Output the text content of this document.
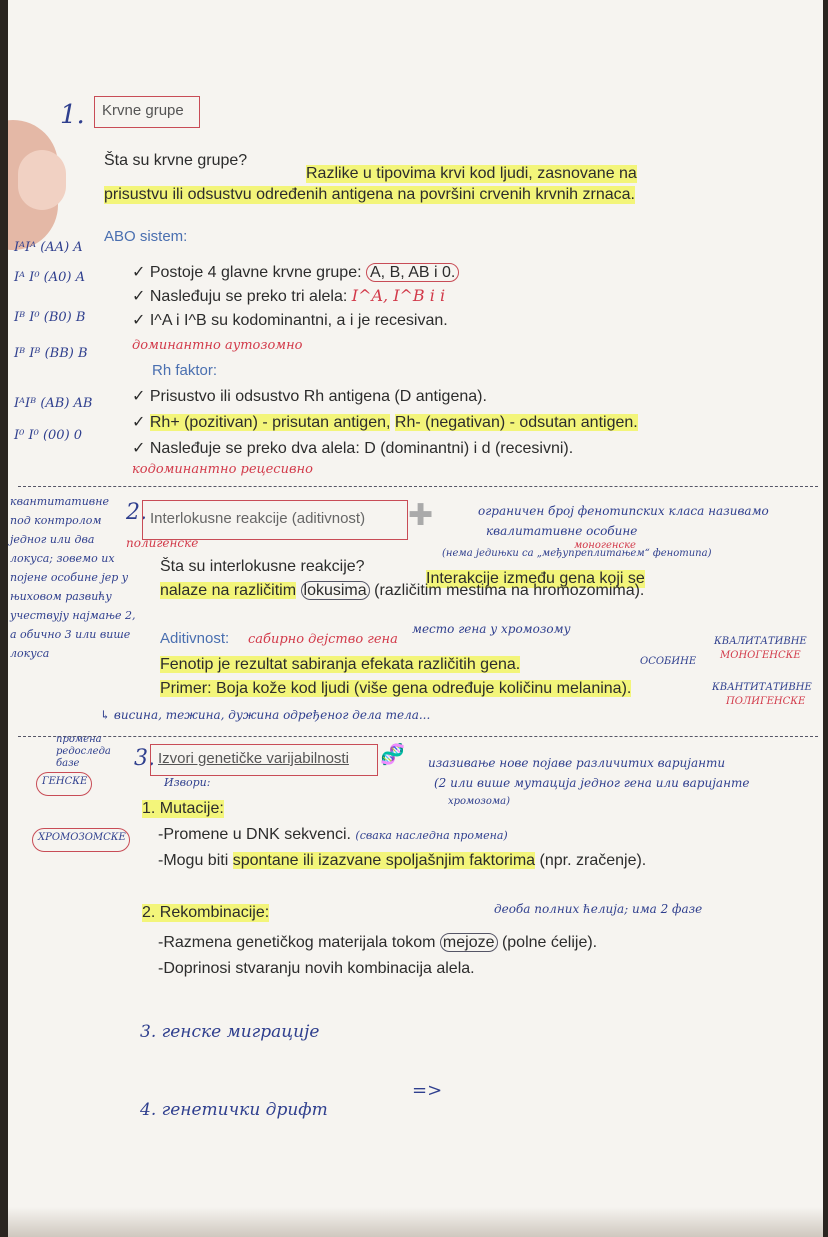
1. Krvne grupe
Šta su krvne grupe?
Razlike u tipovima krvi kod ljudi, zasnovane na
prisustvu ili odsustvu određenih antigena na površini crvenih krvnih zrnaca.
ABO sistem:
✓ Postoje 4 glavne krvne grupe: A, B, AB i 0.
✓ Nasleđuju se preko tri alela: I^A, I^B i i
✓ I^A i I^B su kodominantni, a i je recesivan.
доминантно аутозомно
Rh faktor:
✓ Prisustvo ili odsustvo Rh antigena (D antigena).
✓ Rh+ (pozitivan) - prisutan antigen, Rh- (negativan) - odsutan antigen.
✓ Nasleđuje se preko dva alela: D (dominantni) i d (recesivni).
кодоминантно рецесивно
IᴬIᴬ (AA) A
Iᴬ I⁰ (A0) A
Iᴮ I⁰ (B0) B
Iᴮ Iᴮ (BB) B
IᴬIᴮ (AB) AB
I⁰ I⁰ (00) 0
2. Interlokusne reakcije (aditivnost) ✚
квантитативне
под контролом
једног или два
локуса; зовемо их
појене особине јер у
њиховом развићу
учествују најмање 2,
а обично 3 или више
локуса
полигенске
ограничен број фенотипских класа називамо
квалитативне особине
(нема једињки са „међупреплитањем“ фенотипа)
моногенске
Šta su interlokusne reakcije?
Interakcije između gena koji se
nalaze na različitim lokusima (različitim mestima na hromozomima).
место гена у хромозому
Aditivnost: сабирно дејство гена
Fenotip je rezultat sabiranja efekata različitih gena.
Primer: Boja kože kod ljudi (više gena određuje količinu melanina).
↳ висина, тежина, дужина одређеног дела тела...
ОСОБИНЕ
КВАЛИТАТИВНЕ
МОНОГЕНСКЕ
КВАНТИТАТИВНЕ
ПОЛИГЕНСКЕ
3. Izvori genetičke varijabilnosti 🧬
Извори:
изазивање нове појаве различитих варијанти
(2 или више мутација једног гена или варијанте
хромозома)
промена редоследа базе
ГЕНСКЕ
ХРОМОЗОМСКЕ
1. Mutacije:
-Promene u DNK sekvenci. (свака наследна промена)
-Mogu biti spontane ili izazvane spoljašnjim faktorima (npr. zračenje).
деоба полних ћелија; има 2 фазе
2. Rekombinacije:
-Razmena genetičkog materijala tokom mejoze (polne ćelije).
-Doprinosi stvaranju novih kombinacija alela.
3. генске миграције
=>
4. генетички дрифт
